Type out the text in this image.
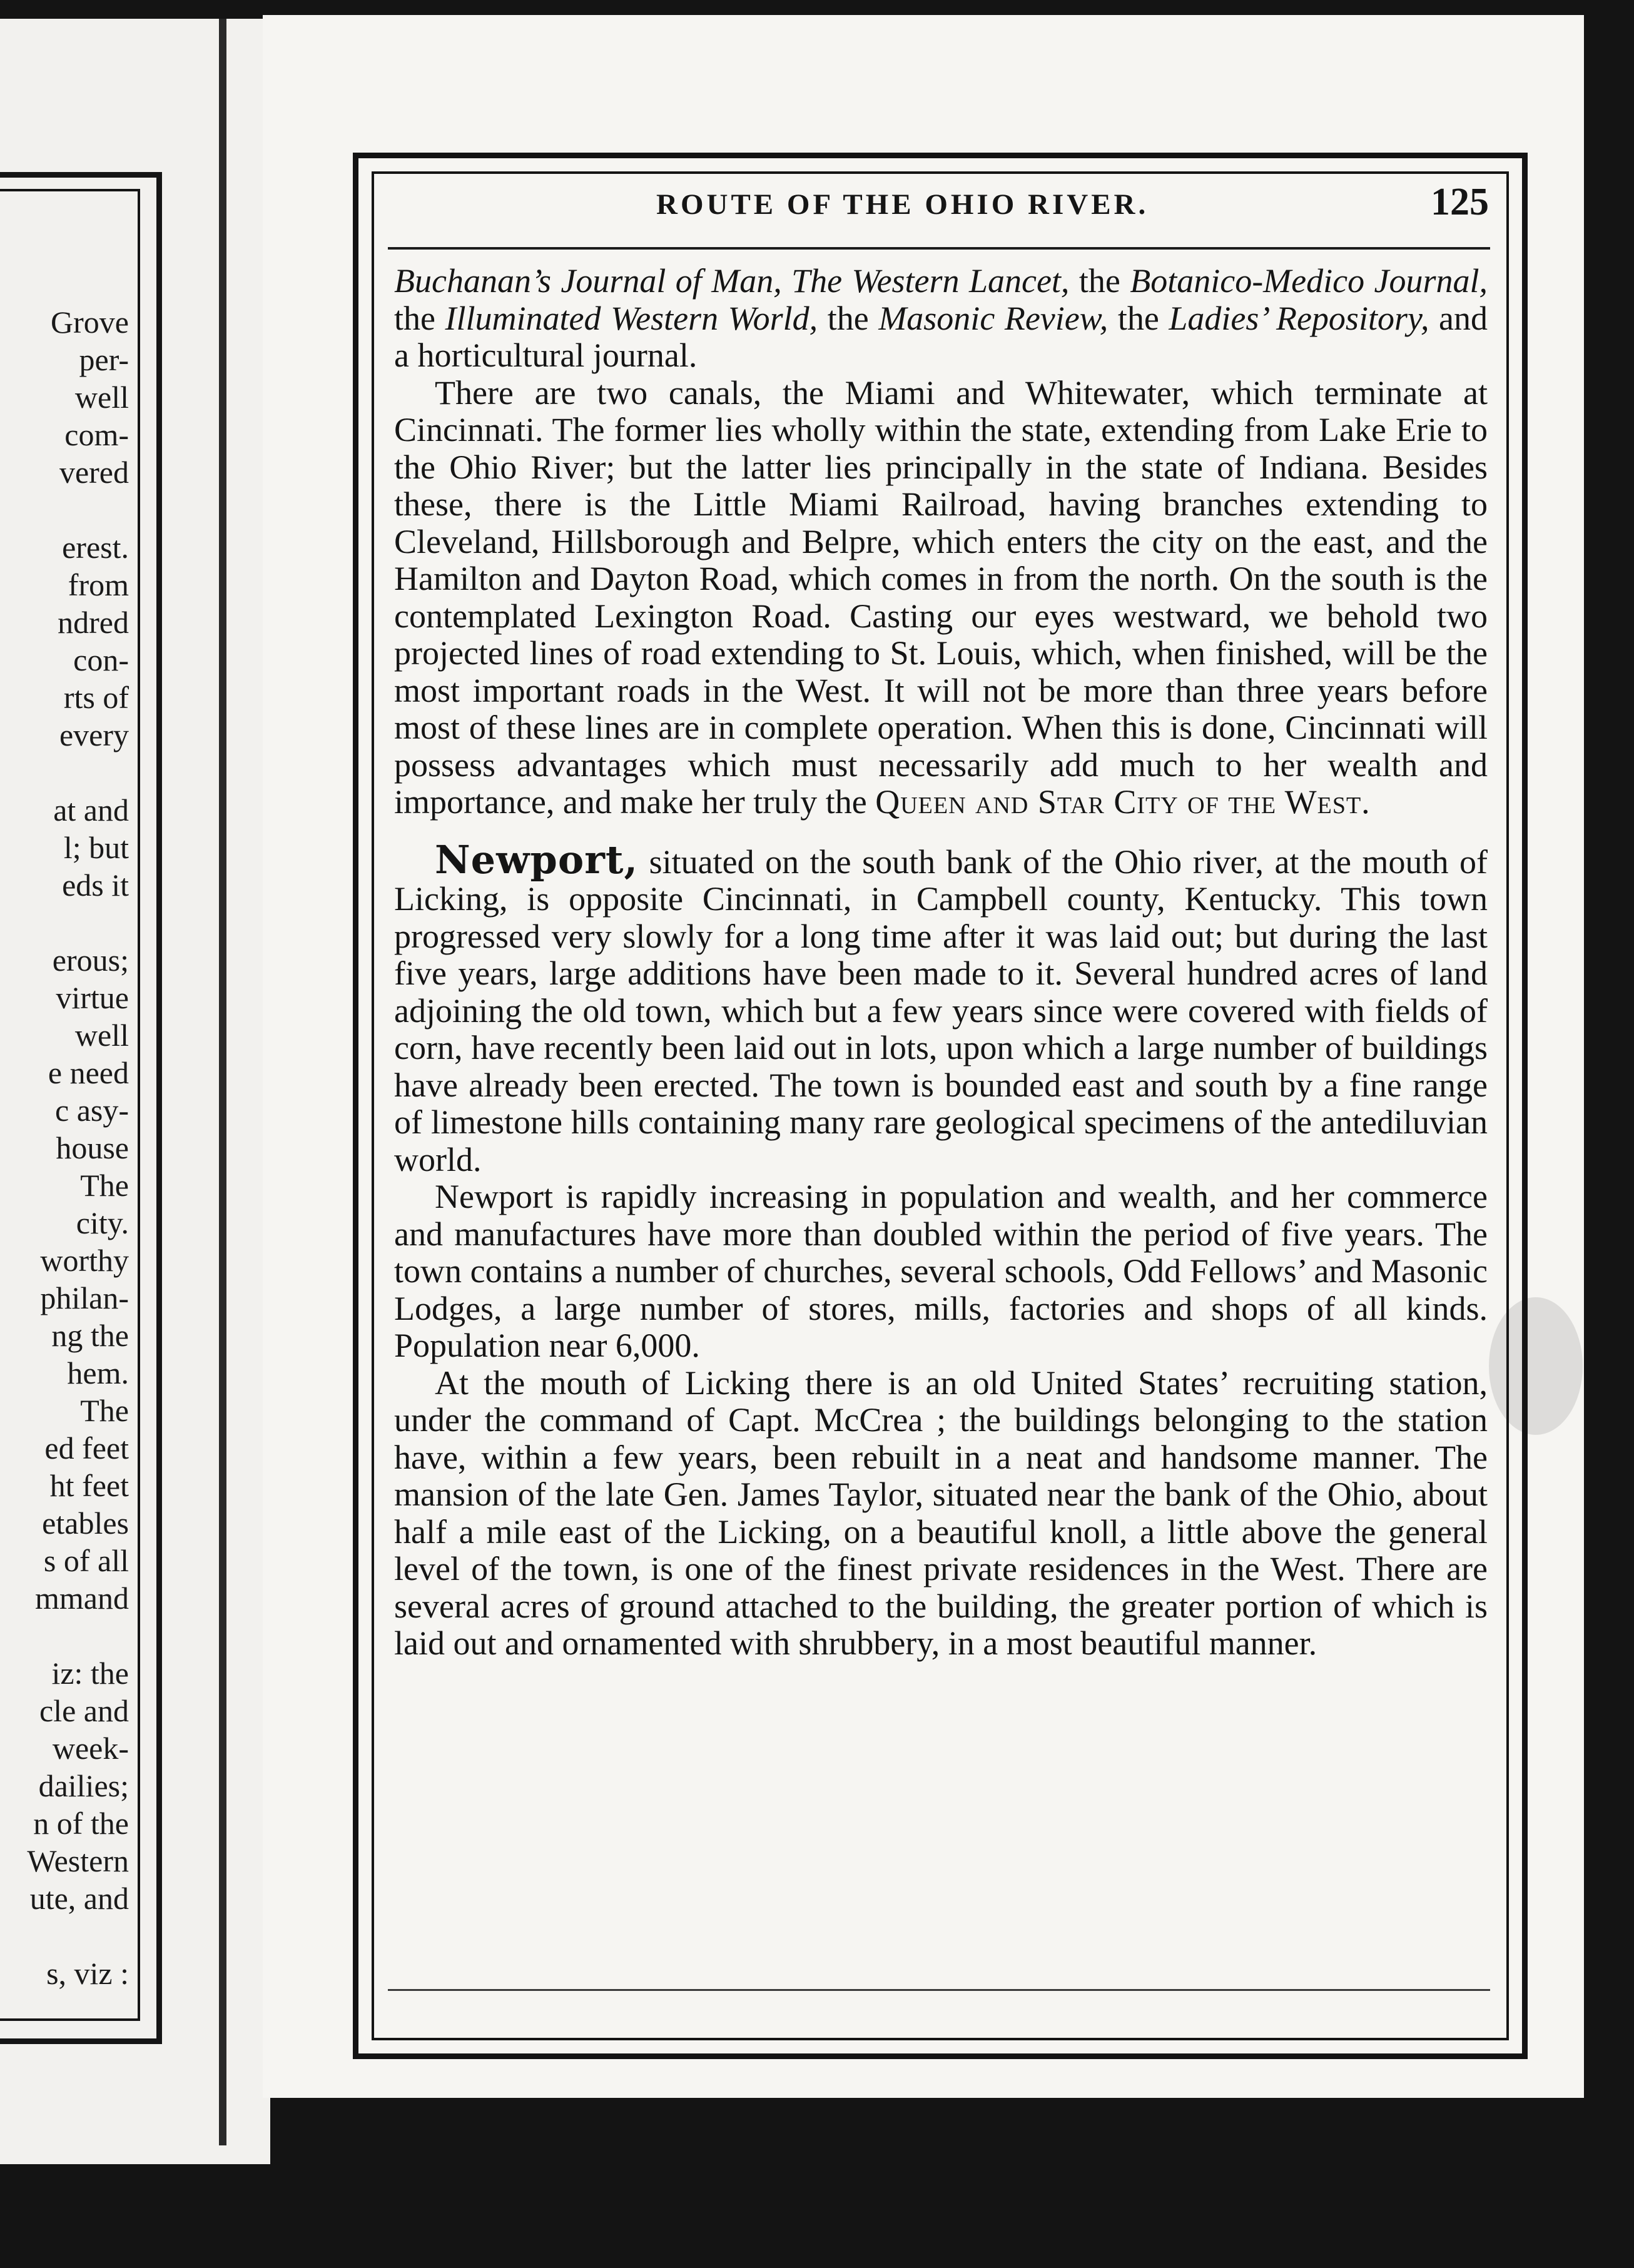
Grove
per-
well
com-
vered

erest.
from
ndred
con-
rts of
every

at and
l; but
eds it

erous;
virtue
well
e need
c asy-
house
The
city.
worthy
philan-
ng the
hem.
The
ed feet
ht feet
etables
s of all
mmand

iz: the
cle and
week-
dailies;
n of the
Western
ute, and

s, viz :
ROUTE OF THE OHIO RIVER.	125

Buchanan’s Journal of Man, The Western Lancet, the Botanico-Medico Journal, the Illuminated Western World, the Masonic Review, the Ladies’ Repository, and a horticultural journal.

There are two canals, the Miami and Whitewater, which terminate at Cincinnati. The former lies wholly within the state, extending from Lake Erie to the Ohio River; but the latter lies principally in the state of Indiana. Besides these, there is the Little Miami Railroad, having branches extending to Cleveland, Hillsborough and Belpre, which enters the city on the east, and the Hamilton and Dayton Road, which comes in from the north. On the south is the contemplated Lexington Road. Casting our eyes westward, we behold two projected lines of road extending to St. Louis, which, when finished, will be the most important roads in the West. It will not be more than three years before most of these lines are in complete operation. When this is done, Cincinnati will possess advantages which must necessarily add much to her wealth and importance, and make her truly the Queen and Star City of the West.

Newport, situated on the south bank of the Ohio river, at the mouth of Licking, is opposite Cincinnati, in Campbell county, Kentucky. This town progressed very slowly for a long time after it was laid out; but during the last five years, large additions have been made to it. Several hundred acres of land adjoining the old town, which but a few years since were covered with fields of corn, have recently been laid out in lots, upon which a large number of buildings have already been erected. The town is bounded east and south by a fine range of limestone hills containing many rare geological specimens of the antediluvian world.

Newport is rapidly increasing in population and wealth, and her commerce and manufactures have more than doubled within the period of five years. The town contains a number of churches, several schools, Odd Fellows’ and Masonic Lodges, a large number of stores, mills, factories and shops of all kinds. Population near 6,000.

At the mouth of Licking there is an old United States’ recruiting station, under the command of Capt. McCrea ; the buildings belonging to the station have, within a few years, been rebuilt in a neat and handsome manner. The mansion of the late Gen. James Taylor, situated near the bank of the Ohio, about half a mile east of the Licking, on a beautiful knoll, a little above the general level of the town, is one of the finest private residences in the West. There are several acres of ground attached to the building, the greater portion of which is laid out and ornamented with shrubbery, in a most beautiful manner.
